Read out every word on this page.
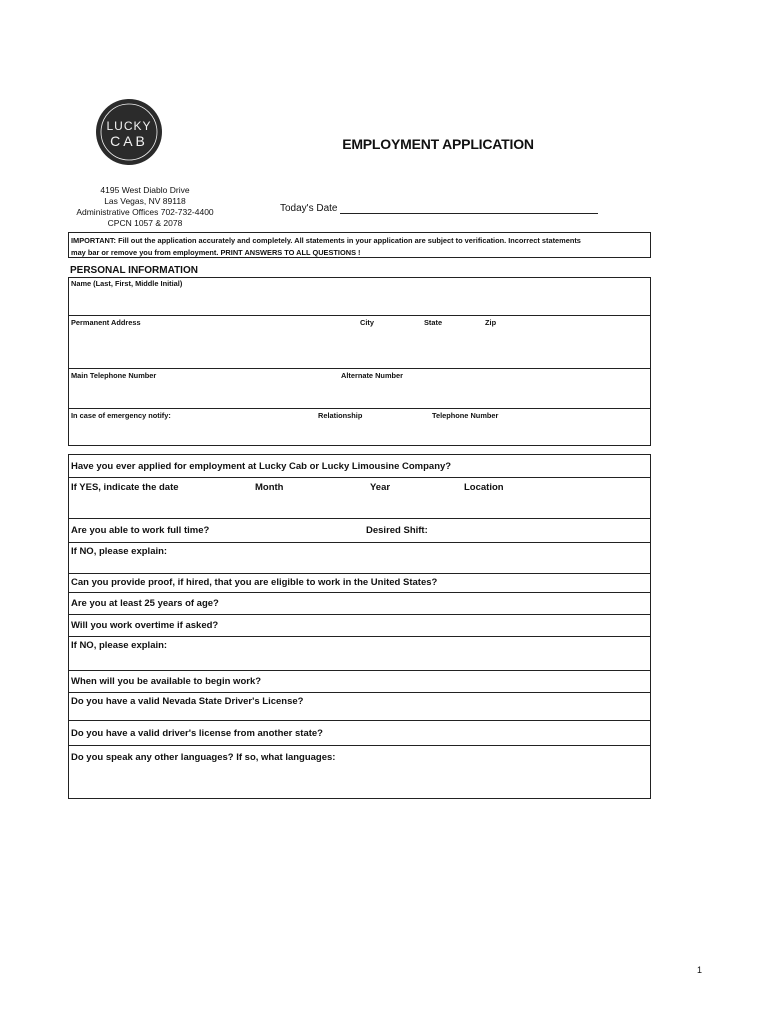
LUCKY
CAB	EMPLOYMENT APPLICATION
4195 West Diablo Drive
Las Vegas, NV 89118
Administrative Offices 702-732-4400
CPCN 1057 & 2078
Today's Date
IMPORTANT: Fill out the application accurately and completely. All statements in your application are subject to verification. Incorrect statements
may bar or remove you from employment. PRINT ANSWERS TO ALL QUESTIONS !
PERSONAL INFORMATION
Name (Last, First, Middle Initial)
Permanent Address	City	State	Zip
Main Telephone Number	Alternate Number
In case of emergency notify:	Relationship	Telephone Number
Have you ever applied for employment at Lucky Cab or Lucky Limousine Company?
If YES, indicate the date	Month	Year	Location
Are you able to work full time?	Desired Shift:
If NO, please explain:
Can you provide proof, if hired, that you are eligible to work in the United States?
Are you at least 25 years of age?
Will you work overtime if asked?
If NO, please explain:
When will you be available to begin work?
Do you have a valid Nevada State Driver's License?
Do you have a valid driver's license from another state?
Do you speak any other languages? If so, what languages:
1
